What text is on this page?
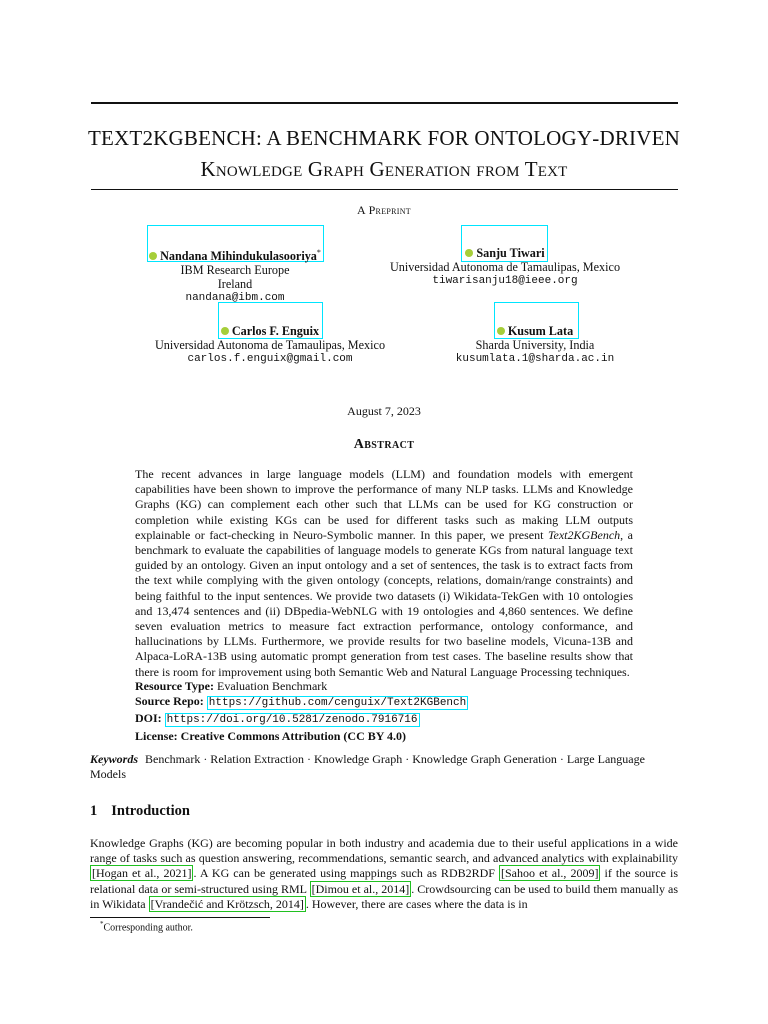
TEXT2KGBENCH: A BENCHMARK FOR ONTOLOGY-DRIVEN
Knowledge Graph Generation from Text
A Preprint
Nandana Mihindukulasooriya*
IBM Research Europe
Ireland
nandana@ibm.com
Sanju Tiwari
Universidad Autonoma de Tamaulipas, Mexico
tiwarisanju18@ieee.org
Carlos F. Enguix
Universidad Autonoma de Tamaulipas, Mexico
carlos.f.enguix@gmail.com
Kusum Lata
Sharda University, India
kusumlata.1@sharda.ac.in
August 7, 2023
Abstract
The recent advances in large language models (LLM) and foundation models with emergent capabilities have been shown to improve the performance of many NLP tasks. LLMs and Knowledge Graphs (KG) can complement each other such that LLMs can be used for KG construction or completion while existing KGs can be used for different tasks such as making LLM outputs explainable or fact-checking in Neuro-Symbolic manner. In this paper, we present Text2KGBench, a benchmark to evaluate the capabilities of language models to generate KGs from natural language text guided by an ontology. Given an input ontology and a set of sentences, the task is to extract facts from the text while complying with the given ontology (concepts, relations, domain/range constraints) and being faithful to the input sentences. We provide two datasets (i) Wikidata-TekGen with 10 ontologies and 13,474 sentences and (ii) DBpedia-WebNLG with 19 ontologies and 4,860 sentences. We define seven evaluation metrics to measure fact extraction performance, ontology conformance, and hallucinations by LLMs. Furthermore, we provide results for two baseline models, Vicuna-13B and Alpaca-LoRA-13B using automatic prompt generation from test cases. The baseline results show that there is room for improvement using both Semantic Web and Natural Language Processing techniques.
Resource Type: Evaluation Benchmark
Source Repo: https://github.com/cenguix/Text2KGBench
DOI: https://doi.org/10.5281/zenodo.7916716
License: Creative Commons Attribution (CC BY 4.0)
Keywords Benchmark · Relation Extraction · Knowledge Graph · Knowledge Graph Generation · Large Language Models
1 Introduction
Knowledge Graphs (KG) are becoming popular in both industry and academia due to their useful applications in a wide range of tasks such as question answering, recommendations, semantic search, and advanced analytics with explainability [Hogan et al., 2021] . A KG can be generated using mappings such as RDB2RDF [Sahoo et al., 2009] if the source is relational data or semi-structured using RML [Dimou et al., 2014] . Crowdsourcing can be used to build them manually as in Wikidata [Vrandečić and Krötzsch, 2014] . However, there are cases where the data is in
*Corresponding author.
